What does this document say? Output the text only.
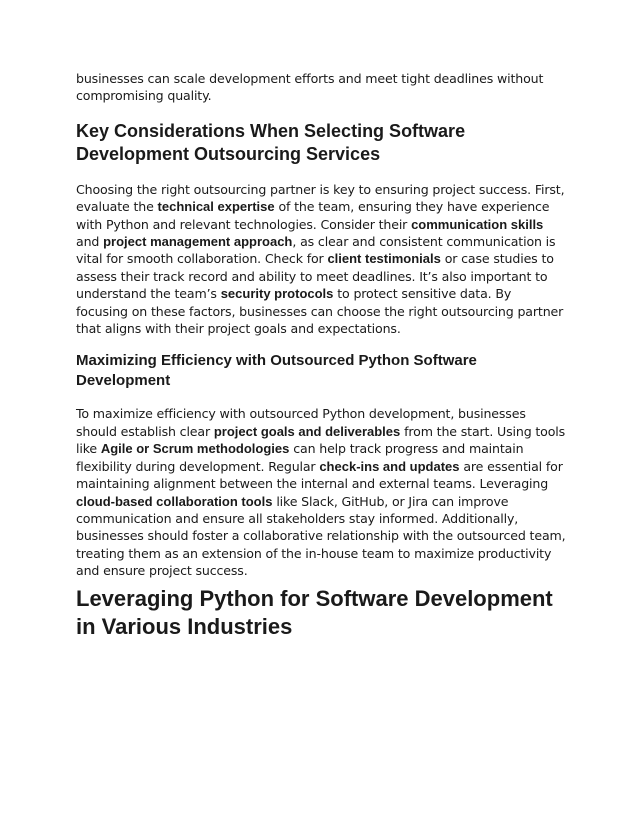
businesses can scale development efforts and meet tight deadlines without compromising quality.

Key Considerations When Selecting Software Development Outsourcing Services

Choosing the right outsourcing partner is key to ensuring project success. First, evaluate the technical expertise of the team, ensuring they have experience with Python and relevant technologies. Consider their communication skills and project management approach, as clear and consistent communication is vital for smooth collaboration. Check for client testimonials or case studies to assess their track record and ability to meet deadlines. It’s also important to understand the team’s security protocols to protect sensitive data. By focusing on these factors, businesses can choose the right outsourcing partner that aligns with their project goals and expectations.

Maximizing Efficiency with Outsourced Python Software Development

To maximize efficiency with outsourced Python development, businesses should establish clear project goals and deliverables from the start. Using tools like Agile or Scrum methodologies can help track progress and maintain flexibility during development. Regular check-ins and updates are essential for maintaining alignment between the internal and external teams. Leveraging cloud-based collaboration tools like Slack, GitHub, or Jira can improve communication and ensure all stakeholders stay informed. Additionally, businesses should foster a collaborative relationship with the outsourced team, treating them as an extension of the in-house team to maximize productivity and ensure project success.

Leveraging Python for Software Development in Various Industries
